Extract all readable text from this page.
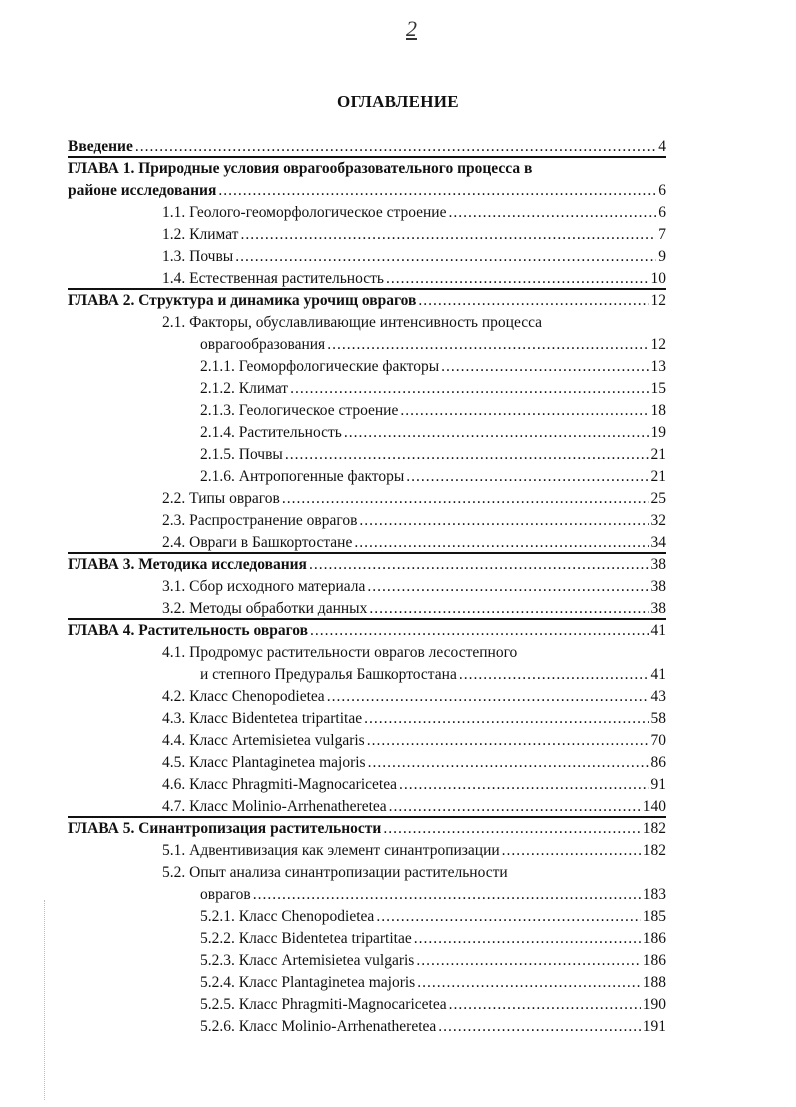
2
ОГЛАВЛЕНИЕ
Введение .....	4
ГЛАВА 1. Природные условия оврагообразовательного процесса в
районе исследования .....	6
1.1. Геолого-геоморфологическое строение .....	6
1.2. Климат .....	7
1.3. Почвы .....	9
1.4. Естественная растительность .....	10
ГЛАВА 2. Структура и динамика урочищ оврагов .....	12
2.1. Факторы, обуславливающие интенсивность процесса
оврагообразования .....	12
2.1.1. Геоморфологические факторы .....	13
2.1.2. Климат .....	15
2.1.3. Геологическое строение .....	18
2.1.4. Растительность .....	19
2.1.5. Почвы .....	21
2.1.6. Антропогенные факторы .....	21
2.2. Типы оврагов .....	25
2.3. Распространение оврагов .....	32
2.4. Овраги в Башкортостане .....	34
ГЛАВА 3. Методика исследования .....	38
3.1. Сбор исходного материала .....	38
3.2. Методы обработки данных .....	38
ГЛАВА 4. Растительность оврагов .....	41
4.1. Продромус растительности оврагов лесостепного
и степного Предуралья Башкортостана .....	41
4.2. Класс Chenopodietea .....	43
4.3. Класс Bidentetea tripartitae .....	58
4.4. Класс Artemisietea vulgaris .....	70
4.5. Класс Plantaginetea majoris .....	86
4.6. Класс Phragmiti-Magnocaricetea .....	91
4.7. Класс Molinio-Arrhenatheretea .....	140
ГЛАВА 5. Синантропизация растительности .....	182
5.1. Адвентивизация как элемент синантропизации .....	182
5.2. Опыт анализа синантропизации растительности
оврагов .....	183
5.2.1. Класс Chenopodietea .....	185
5.2.2. Класс Bidentetea tripartitae .....	186
5.2.3. Класс Artemisietea vulgaris .....	186
5.2.4. Класс Plantaginetea majoris .....	188
5.2.5. Класс Phragmiti-Magnocaricetea .....	190
5.2.6. Класс Molinio-Arrhenatheretea .....	191
